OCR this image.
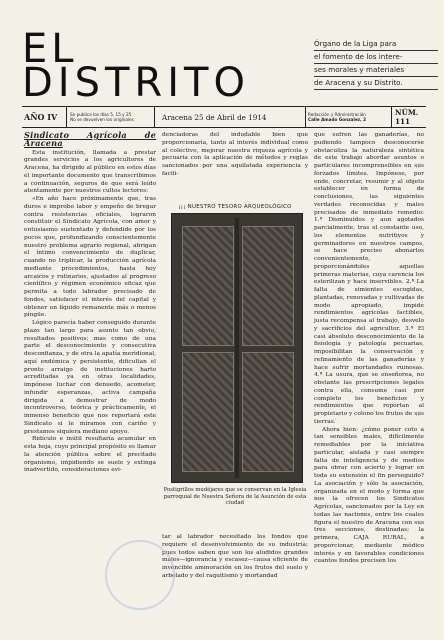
EL
DISTRITO
Órgano de la Liga para
el fomento de los intere-
ses morales y materiales
de Aracena y su Distrito.
AÑO IV	Se publica los días 5, 15 y 25
No se devuelven los originales	Aracena 25 de Abril de 1914	Redacción y Administración
Calle Amado Gonzalez, 2
NÚM. 111
Sindicato Agrícola de Aracena

Esta institución, llamada a prestar grandes servicios a los agricultores de Aracena, ha dirigido al público en estos días el importante documento que transcribimos a continuación, seguros de que será leído atentamente por nuestros cultos lectores:

«En año hace próximamente que, tras duros e improbo labor y empeño de bregar contra resistencias oficiales, lograron constituir el Sindicato Agrícola, con amor y entusiasmo sustentado y defendido por los pocos que, profundizando conscientemente nuestro problema agrario regional, abrigan el íntimo convencimiento de duplicar, cuando no triplicar, la producción agrícola mediante procedimientos, hasta hoy arcaicos y rutinarios, ajustados al progreso científico y régimen económico eficaz que permita a todo labrador precisado de fondos, satisfacer el interés del capital y obtener un líquido remanente más o menos pingüe.

Lógico parecía haber conseguido durante plazo tan largo para asunto tan obvio, resultados positivos; mas como de una parte el desconocimiento y consecutiva desconfianza, y de otra la apatía meridional, aquí endémica y persistente, dificultan el pronto arraigo de instituciones harto acreditadas ya en otras localidades, impónese luchar con denuedo, acometer, infundir esperanzas, activa campaña dirigida a demostrar de modo incontroverso, teórica y prácticamente, el inmenso beneficio que nos reportará este Sindicato si le miramos con cariño y prestamos siquiera mediano apoyo.

Ridículo e inútil resultaría acumular en esta hoja, cuyo principal propósito es llamar la atención pública sobre el precitado organismo, impidiendo se suele y extinga inadvertido, consideraciones evi-

denciadoras del indudable bien que proporcionaría, tanto al interés individual como al colectivo, mejorar nuestra riqueza agrícola y pecuaria con la aplicación de métodos y reglas sancionados por una aquilatada experiencia y facili-

¡¡¡ NUESTRO TESORO ARQUEOLÓGICO
Postigrillos mudéjares que se conservan en la Iglesia parroquial de Nuestra Señora de la Asunción de esta ciudad

tar al labrador necesitado los fondos que requiere el desenvolvimiento de su industria; pues todos saben que son los aludidos grandes males—ignorancia y escasez—causa eficiente de invencible aminoración en los frutos del suelo y arbolado y del raquitismo y mortandad

que sufren las ganaderías, no pudiendo tampoco desconocerse obstaculiza la naturaleza sintética de este trabajo abordar asuntos o particulares incomprensibles en sus forzados límites. Impónese, por ende, concretar, resumir y al objeto establecer en forma de conclusiones, las siguientes verdades reconocidas y males precisados de inmediato remedio: 1.ª Disminuidos y aun agotados parcialmente, tras el constante uso, los elementos nutritivos y germinadores en nuestros campos, se hace preciso abonarlos convenientemente, proporcionándoles aquellas primeras materias, cuya carencia los esterilizan y hace inservibles. 2.ª La falta de simientes escogidas, plantadas, renovadas y cultivadas de modo apropiado, impide rendimientos agrícolas factibles, justa recompensa al trabajo, desvelo y sacrificios del agricultor. 3.ª El casi absoluto desconocimiento de la fisiología y patología pecuarias, imposibilitan la conservación y refinamiento de las ganaderías y hace sufrir mortandades ruinosas. 4.ª La usura, que se enseñorea, no obstante las prescripciones legales contra ella, consume casi por completo los beneficios y rendimientos que reportan al propietario y colono los frutos de sus tierras.

Ahora bien: ¿cómo poner coto a tan sensibles males, difícilmente remediables por la iniciativa particular, aislada y casi siempre falta de inteligencia y de medios para obrar con acierto y lograr en toda su extensión el fin perseguido? La asociación y sólo la asociación, organizada en el modo y forma que nos la ofrecen los Sindicatos Agrícolas, sancionados por la Ley en todas las naciones, entre los cuales figura el nuestro de Aracena con sus tres secciones, destinadas; la primera, CAJA RURAL, a proporcionar, mediante módico interés y en favorables condiciones cuantos fondos precisen los
